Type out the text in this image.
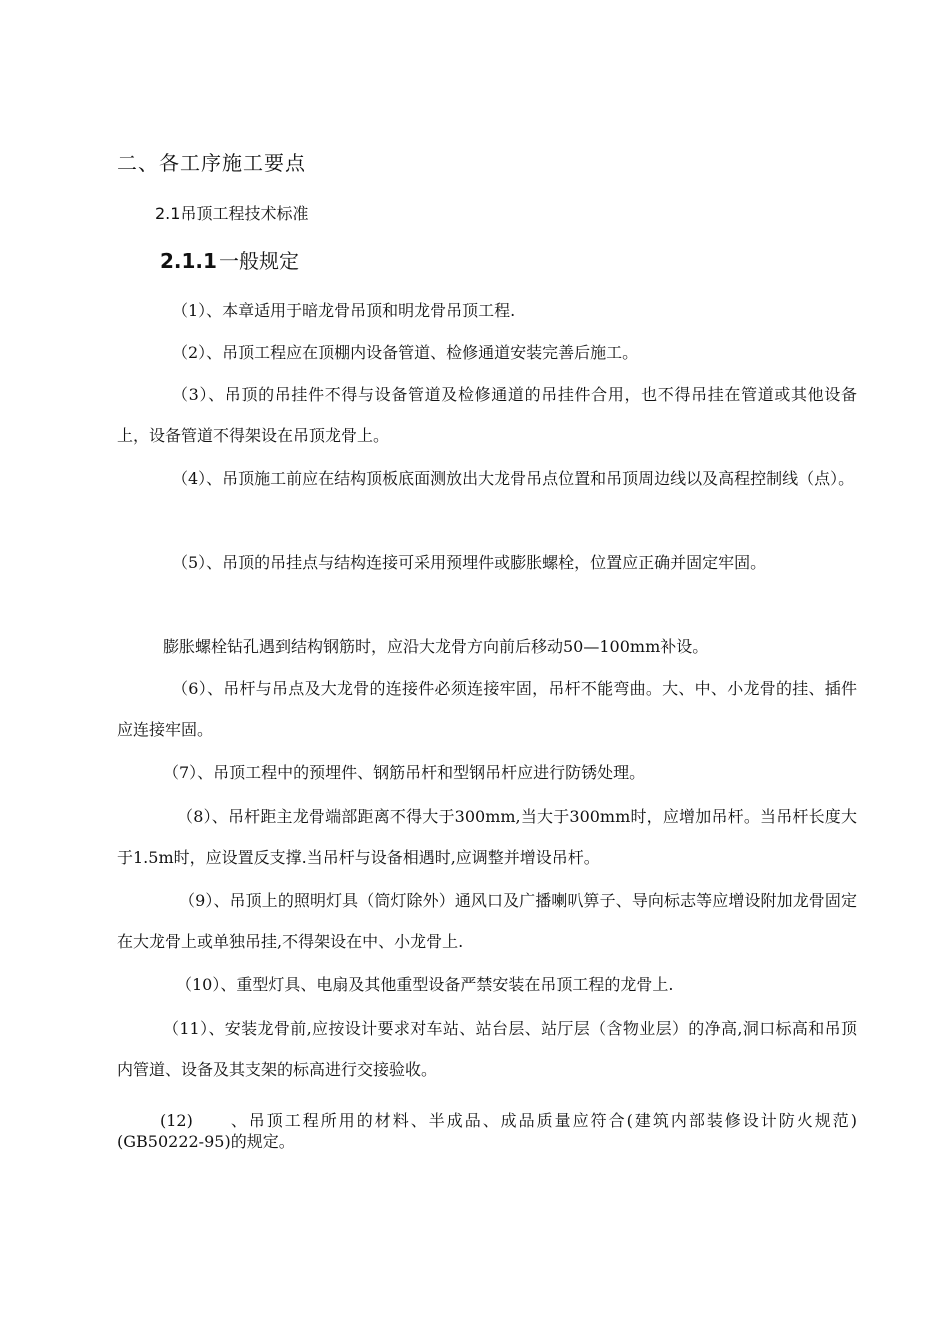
二、各工序施工要点
2.1吊顶工程技术标准
2.1.1 一般规定
（1）、本章适用于暗龙骨吊顶和明龙骨吊顶工程.
（2）、吊顶工程应在顶棚内设备管道、检修通道安装完善后施工。
（3）、吊顶的吊挂件不得与设备管道及检修通道的吊挂件合用，也不得吊挂在管道或其他设备上，设备管道不得架设在吊顶龙骨上。
（4）、吊顶施工前应在结构顶板底面测放出大龙骨吊点位置和吊顶周边线以及高程控制线（点）。
（5）、吊顶的吊挂点与结构连接可采用预埋件或膨胀螺栓，位置应正确并固定牢固。
膨胀螺栓钻孔遇到结构钢筋时，应沿大龙骨方向前后移动50—100mm补设。
（6）、吊杆与吊点及大龙骨的连接件必须连接牢固，吊杆不能弯曲。大、中、小龙骨的挂、插件应连接牢固。
（7）、吊顶工程中的预埋件、钢筋吊杆和型钢吊杆应进行防锈处理。
（8）、吊杆距主龙骨端部距离不得大于300mm,当大于300mm时，应增加吊杆。当吊杆长度大于1.5m时，应设置反支撑.当吊杆与设备相遇时,应调整并增设吊杆。
（9）、吊顶上的照明灯具（筒灯除外）通风口及广播喇叭箅子、导向标志等应增设附加龙骨固定在大龙骨上或单独吊挂,不得架设在中、小龙骨上.
（10）、重型灯具、电扇及其他重型设备严禁安装在吊顶工程的龙骨上.
（11）、安装龙骨前,应按设计要求对车站、站台层、站厅层（含物业层）的净高,洞口标高和吊顶内管道、设备及其支架的标高进行交接验收。
(12)　　、吊顶工程所用的材料、半成品、成品质量应符合(建筑内部装修设计防火规范)(GB50222-95)的规定。
